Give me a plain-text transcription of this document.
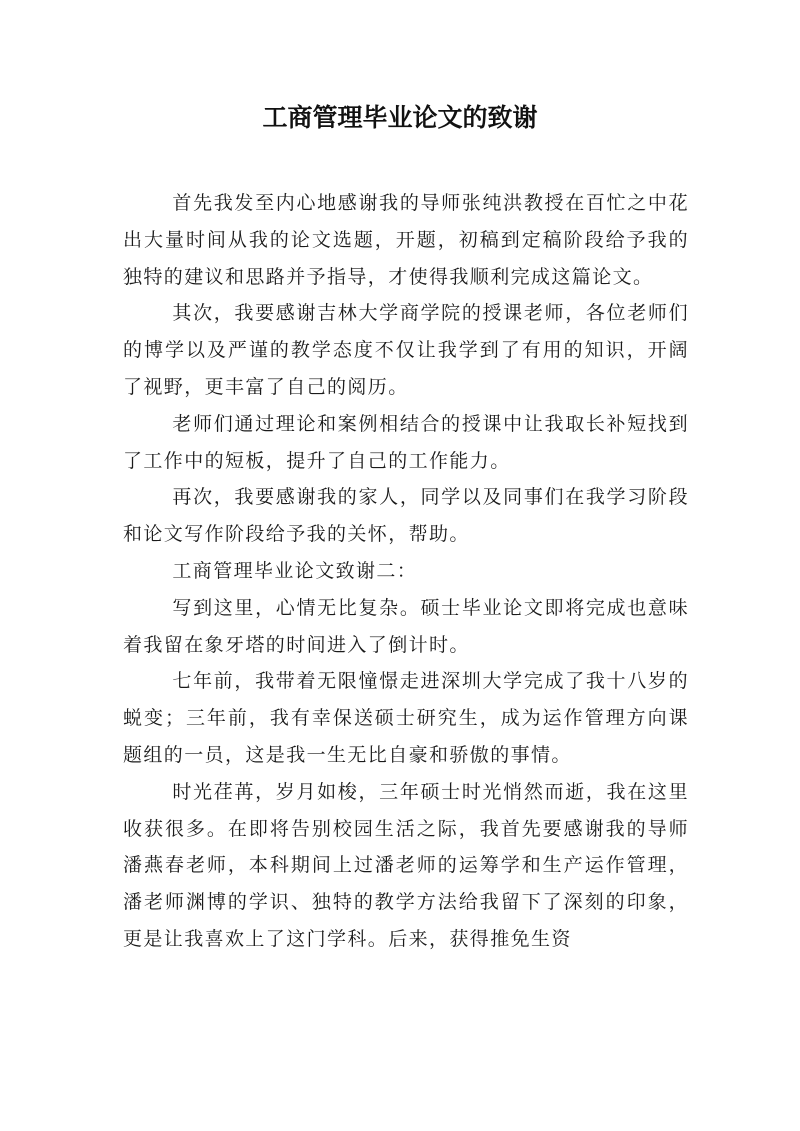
工商管理毕业论文的致谢

首先我发至内心地感谢我的导师张纯洪教授在百忙之中花出大量时间从我的论文选题，开题，初稿到定稿阶段给予我的独特的建议和思路并予指导，才使得我顺利完成这篇论文。

其次，我要感谢吉林大学商学院的授课老师，各位老师们的博学以及严谨的教学态度不仅让我学到了有用的知识，开阔了视野，更丰富了自己的阅历。

老师们通过理论和案例相结合的授课中让我取长补短找到了工作中的短板，提升了自己的工作能力。

再次，我要感谢我的家人，同学以及同事们在我学习阶段和论文写作阶段给予我的关怀，帮助。

工商管理毕业论文致谢二：

写到这里，心情无比复杂。硕士毕业论文即将完成也意味着我留在象牙塔的时间进入了倒计时。

七年前，我带着无限憧憬走进深圳大学完成了我十八岁的蜕变；三年前，我有幸保送硕士研究生，成为运作管理方向课题组的一员，这是我一生无比自豪和骄傲的事情。

时光荏苒，岁月如梭，三年硕士时光悄然而逝，我在这里收获很多。在即将告别校园生活之际，我首先要感谢我的导师潘燕春老师，本科期间上过潘老师的运筹学和生产运作管理，潘老师渊博的学识、独特的教学方法给我留下了深刻的印象，更是让我喜欢上了这门学科。后来，获得推免生资
